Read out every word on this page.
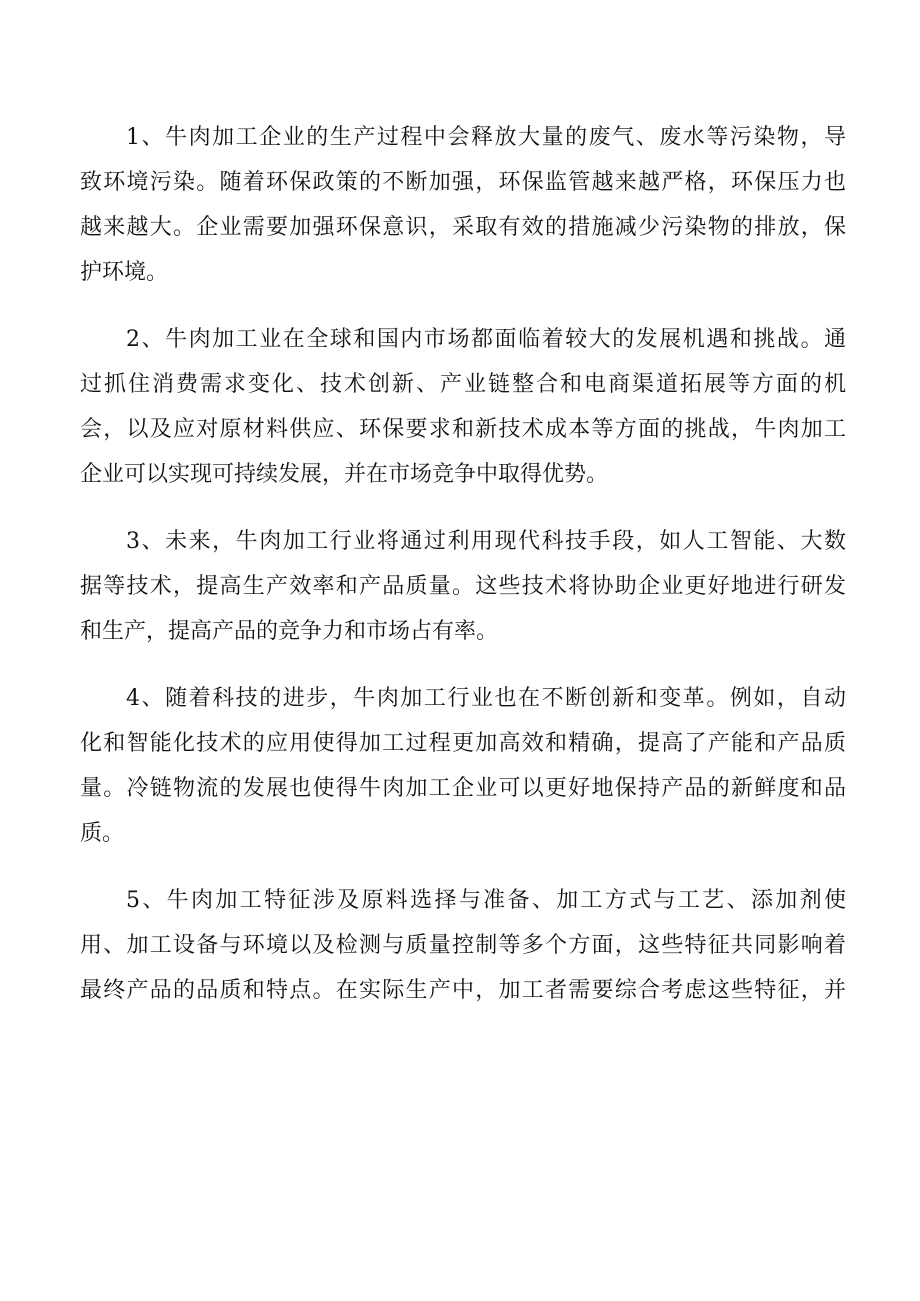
1、牛肉加工企业的生产过程中会释放大量的废气、废水等污染物，导
致环境污染。随着环保政策的不断加强，环保监管越来越严格，环保压力也
越来越大。企业需要加强环保意识，采取有效的措施减少污染物的排放，保
护环境。

2、牛肉加工业在全球和国内市场都面临着较大的发展机遇和挑战。通
过抓住消费需求变化、技术创新、产业链整合和电商渠道拓展等方面的机
会，以及应对原材料供应、环保要求和新技术成本等方面的挑战，牛肉加工
企业可以实现可持续发展，并在市场竞争中取得优势。

3、未来，牛肉加工行业将通过利用现代科技手段，如人工智能、大数
据等技术，提高生产效率和产品质量。这些技术将协助企业更好地进行研发
和生产，提高产品的竞争力和市场占有率。

4、随着科技的进步，牛肉加工行业也在不断创新和变革。例如，自动
化和智能化技术的应用使得加工过程更加高效和精确，提高了产能和产品质
量。冷链物流的发展也使得牛肉加工企业可以更好地保持产品的新鲜度和品
质。

5、牛肉加工特征涉及原料选择与准备、加工方式与工艺、添加剂使
用、加工设备与环境以及检测与质量控制等多个方面，这些特征共同影响着
最终产品的品质和特点。在实际生产中，加工者需要综合考虑这些特征，并
